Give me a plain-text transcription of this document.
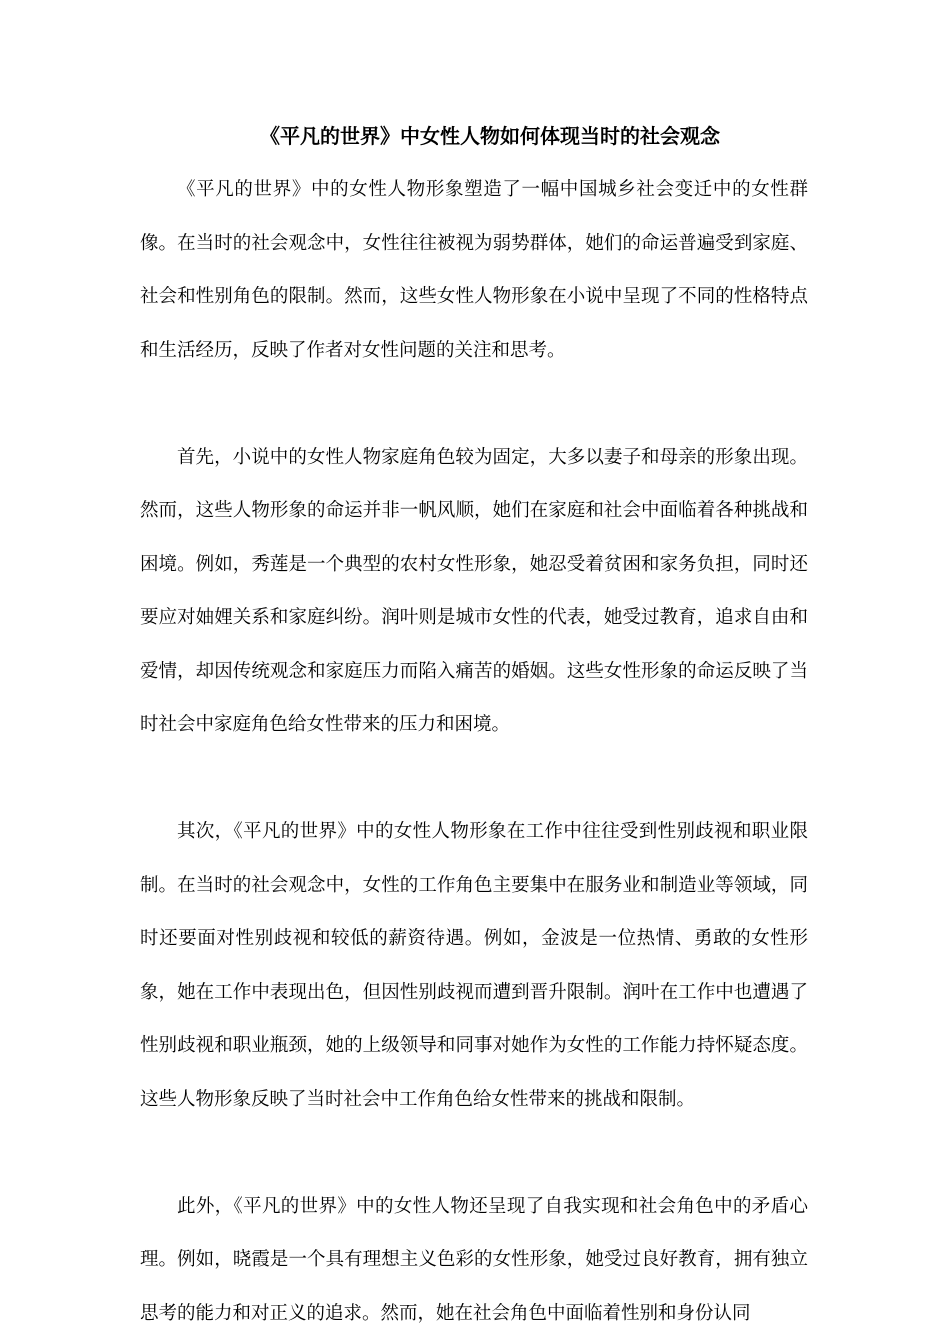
《平凡的世界》中女性人物如何体现当时的社会观念

《平凡的世界》中的女性人物形象塑造了一幅中国城乡社会变迁中的女性群像。在当时的社会观念中，女性往往被视为弱势群体，她们的命运普遍受到家庭、社会和性别角色的限制。然而，这些女性人物形象在小说中呈现了不同的性格特点和生活经历，反映了作者对女性问题的关注和思考。

首先，小说中的女性人物家庭角色较为固定，大多以妻子和母亲的形象出现。然而，这些人物形象的命运并非一帆风顺，她们在家庭和社会中面临着各种挑战和困境。例如，秀莲是一个典型的农村女性形象，她忍受着贫困和家务负担，同时还要应对妯娌关系和家庭纠纷。润叶则是城市女性的代表，她受过教育，追求自由和爱情，却因传统观念和家庭压力而陷入痛苦的婚姻。这些女性形象的命运反映了当时社会中家庭角色给女性带来的压力和困境。

其次，《平凡的世界》中的女性人物形象在工作中往往受到性别歧视和职业限制。在当时的社会观念中，女性的工作角色主要集中在服务业和制造业等领域，同时还要面对性别歧视和较低的薪资待遇。例如，金波是一位热情、勇敢的女性形象，她在工作中表现出色，但因性别歧视而遭到晋升限制。润叶在工作中也遭遇了性别歧视和职业瓶颈，她的上级领导和同事对她作为女性的工作能力持怀疑态度。这些人物形象反映了当时社会中工作角色给女性带来的挑战和限制。

此外，《平凡的世界》中的女性人物还呈现了自我实现和社会角色中的矛盾心理。例如，晓霞是一个具有理想主义色彩的女性形象，她受过良好教育，拥有独立思考的能力和对正义的追求。然而，她在社会角色中面临着性别和身份认同
